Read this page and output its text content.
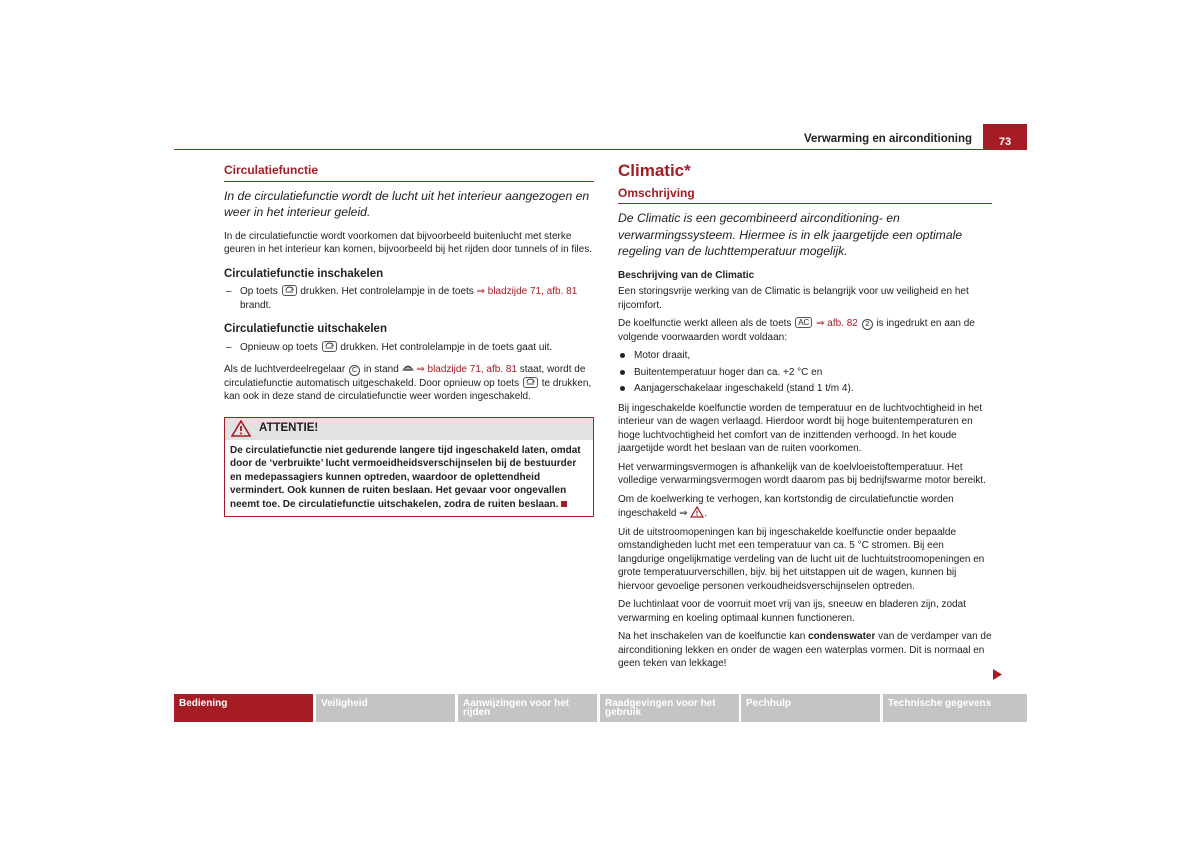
Verwarming en airconditioning	73
Circulatiefunctie

In de circulatiefunctie wordt de lucht uit het interieur aangezogen en weer in het interieur geleid.

In de circulatiefunctie wordt voorkomen dat bijvoorbeeld buitenlucht met sterke geuren in het interieur kan komen, bijvoorbeeld bij het rijden door tunnels of in files.

Circulatiefunctie inschakelen

– Op toets drukken. Het controlelampje in de toets ⇒ bladzijde 71, afb. 81 brandt.

Circulatiefunctie uitschakelen

– Opnieuw op toets drukken. Het controlelampje in de toets gaat uit.

Als de luchtverdeelregelaar C in stand ⇒ bladzijde 71, afb. 81 staat, wordt de circulatiefunctie automatisch uitgeschakeld. Door opnieuw op toets te drukken, kan ook in deze stand de circulatiefunctie weer worden ingeschakeld.

ATTENTIE!
De circulatiefunctie niet gedurende langere tijd ingeschakeld laten, omdat door de ‘verbruikte’ lucht vermoeidheidsverschijnselen bij de bestuurder en medepassagiers kunnen optreden, waardoor de oplettendheid vermindert. Ook kunnen de ruiten beslaan. Het gevaar voor ongevallen neemt toe. De circulatiefunctie uitschakelen, zodra de ruiten beslaan.

Climatic*

Omschrijving

De Climatic is een gecombineerd airconditioning- en verwarmingssysteem. Hiermee is in elk jaargetijde een optimale regeling van de luchttemperatuur mogelijk.

Beschrijving van de Climatic

Een storingsvrije werking van de Climatic is belangrijk voor uw veiligheid en het rijcomfort.

De koelfunctie werkt alleen als de toets AC ⇒ afb. 82 2 is ingedrukt en aan de volgende voorwaarden wordt voldaan:

Motor draait,

Buitentemperatuur hoger dan ca. +2 °C en

Aanjagerschakelaar ingeschakeld (stand 1 t/m 4).

Bij ingeschakelde koelfunctie worden de temperatuur en de luchtvochtigheid in het interieur van de wagen verlaagd. Hierdoor wordt bij hoge buitentemperaturen en hoge luchtvochtigheid het comfort van de inzittenden verhoogd. In het koude jaargetijde wordt het beslaan van de ruiten voorkomen.

Het verwarmingsvermogen is afhankelijk van de koelvloeistoftemperatuur. Het volledige verwarmingsvermogen wordt daarom pas bij bedrijfswarme motor bereikt.

Om de koelwerking te verhogen, kan kortstondig de circulatiefunctie worden ingeschakeld ⇒ .

Uit de uitstroomopeningen kan bij ingeschakelde koelfunctie onder bepaalde omstandigheden lucht met een temperatuur van ca. 5 °C stromen. Bij een langdurige ongelijkmatige verdeling van de lucht uit de luchtuitstroomopeningen en grote temperatuurverschillen, bijv. bij het uitstappen uit de wagen, kunnen bij hiervoor gevoelige personen verkoudheidsverschijnselen optreden.

De luchtinlaat voor de voorruit moet vrij van ijs, sneeuw en bladeren zijn, zodat verwarming en koeling optimaal kunnen functioneren.

Na het inschakelen van de koelfunctie kan condenswater van de verdamper van de airconditioning lekken en onder de wagen een waterplas vormen. Dit is normaal en geen teken van lekkage!

Bediening	Veiligheid	Aanwijzingen voor het rijden
Raadgevingen voor het gebruik
Pechhulp	Technische gegevens
